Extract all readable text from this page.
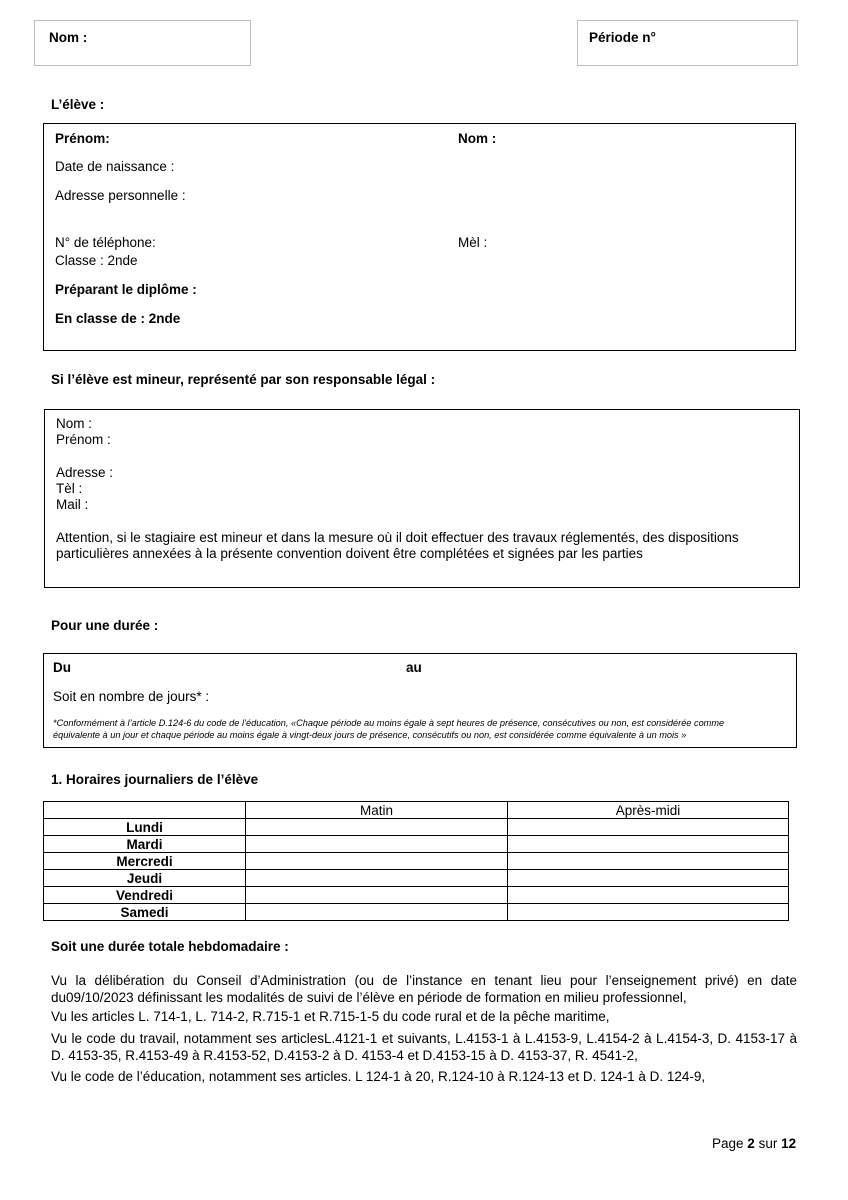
Nom :	Période n°
L’élève :
Prénom:	Nom :
Date de naissance :
Adresse personnelle :
N° de téléphone:	Mèl :
Classe : 2nde
Préparant le diplôme :
En classe de : 2nde
Si l’élève est mineur, représenté par son responsable légal :
Nom :
Prénom :
Adresse :
Tèl :
Mail :
Attention, si le stagiaire est mineur et dans la mesure où il doit effectuer des travaux réglementés, des dispositions
particulières annexées à la présente convention doivent être complétées et signées par les parties
Pour une durée :
Du	au
Soit en nombre de jours* :
*Conformément à l’article D.124-6 du code de l’éducation, «Chaque période au moins égale à sept heures de présence, consécutives ou non, est considérée comme
équivalente à un jour et chaque période au moins égale à vingt-deux jours de présence, consécutifs ou non, est considérée comme équivalente à un mois »
1. Horaires journaliers de l’élève
	Matin	Après-midi
Lundi		
Mardi		
Mercredi		
Jeudi		
Vendredi		
Samedi		
Soit une durée totale hebdomadaire :
Vu la délibération du Conseil d’Administration (ou de l’instance en tenant lieu pour l’enseignement privé) en date du09/10/2023 définissant les modalités de suivi de l’élève en période de formation en milieu professionnel,
Vu les articles L. 714-1, L. 714-2, R.715-1 et R.715-1-5 du code rural et de la pêche maritime,
Vu le code du travail, notamment ses articlesL.4121-1 et suivants, L.4153-1 à L.4153-9, L.4154-2 à L.4154-3, D. 4153-17 à D. 4153-35, R.4153-49 à R.4153-52, D.4153-2 à D. 4153-4 et D.4153-15 à D. 4153-37, R. 4541-2,
Vu le code de l’éducation, notamment ses articles. L 124-1 à 20, R.124-10 à R.124-13 et D. 124-1 à D. 124-9,
Page 2 sur 12
